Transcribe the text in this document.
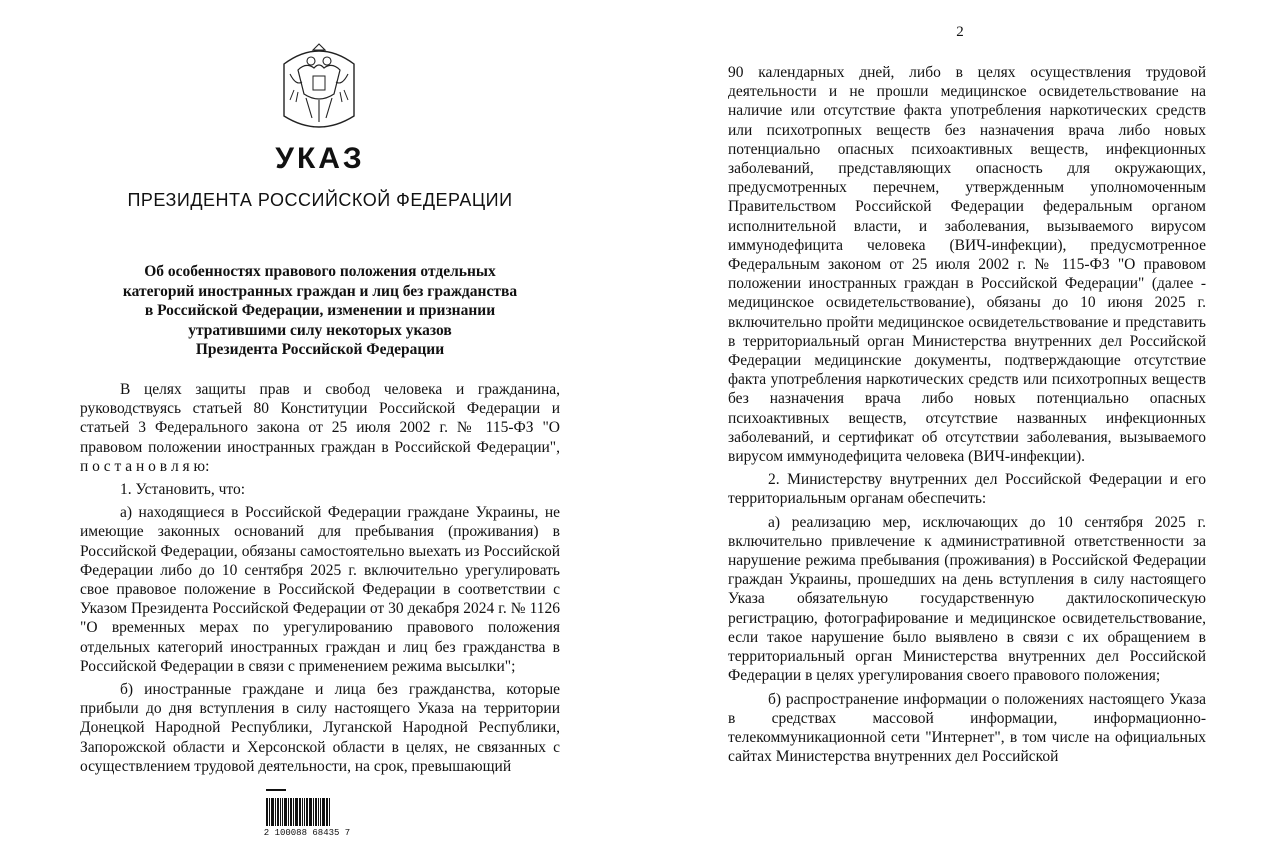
УКАЗ
ПРЕЗИДЕНТА РОССИЙСКОЙ ФЕДЕРАЦИИ
Об особенностях правового положения отдельных
категорий иностранных граждан и лиц без гражданства
в Российской Федерации, изменении и признании
утратившими силу некоторых указов
Президента Российской Федерации

В целях защиты прав и свобод человека и гражданина, руководствуясь статьей 80 Конституции Российской Федерации и статьей 3 Федерального закона от 25 июля 2002 г. № 115-ФЗ "О правовом положении иностранных граждан в Российской Федерации", п о с т а н о в л я ю:

1. Установить, что:

а) находящиеся в Российской Федерации граждане Украины, не имеющие законных оснований для пребывания (проживания) в Российской Федерации, обязаны самостоятельно выехать из Российской Федерации либо до 10 сентября 2025 г. включительно урегулировать свое правовое положение в Российской Федерации в соответствии с Указом Президента Российской Федерации от 30 декабря 2024 г. № 1126 "О временных мерах по урегулированию правового положения отдельных категорий иностранных граждан и лиц без гражданства в Российской Федерации в связи с применением режима высылки";

б) иностранные граждане и лица без гражданства, которые прибыли до дня вступления в силу настоящего Указа на территории Донецкой Народной Республики, Луганской Народной Республики, Запорожской области и Херсонской области в целях, не связанных с осуществлением трудовой деятельности, на срок, превышающий

2 100088 68435 7
2

90 календарных дней, либо в целях осуществления трудовой деятельности и не прошли медицинское освидетельствование на наличие или отсутствие факта употребления наркотических средств или психотропных веществ без назначения врача либо новых потенциально опасных психоактивных веществ, инфекционных заболеваний, представляющих опасность для окружающих, предусмотренных перечнем, утвержденным уполномоченным Правительством Российской Федерации федеральным органом исполнительной власти, и заболевания, вызываемого вирусом иммунодефицита человека (ВИЧ-инфекции), предусмотренное Федеральным законом от 25 июля 2002 г. № 115-ФЗ "О правовом положении иностранных граждан в Российской Федерации" (далее - медицинское освидетельствование), обязаны до 10 июня 2025 г. включительно пройти медицинское освидетельствование и представить в территориальный орган Министерства внутренних дел Российской Федерации медицинские документы, подтверждающие отсутствие факта употребления наркотических средств или психотропных веществ без назначения врача либо новых потенциально опасных психоактивных веществ, отсутствие названных инфекционных заболеваний, и сертификат об отсутствии заболевания, вызываемого вирусом иммунодефицита человека (ВИЧ-инфекции).

2. Министерству внутренних дел Российской Федерации и его территориальным органам обеспечить:

а) реализацию мер, исключающих до 10 сентября 2025 г. включительно привлечение к административной ответственности за нарушение режима пребывания (проживания) в Российской Федерации граждан Украины, прошедших на день вступления в силу настоящего Указа обязательную государственную дактилоскопическую регистрацию, фотографирование и медицинское освидетельствование, если такое нарушение было выявлено в связи с их обращением в территориальный орган Министерства внутренних дел Российской Федерации в целях урегулирования своего правового положения;

б) распространение информации о положениях настоящего Указа в средствах массовой информации, информационно-телекоммуникационной сети "Интернет", в том числе на официальных сайтах Министерства внутренних дел Российской
